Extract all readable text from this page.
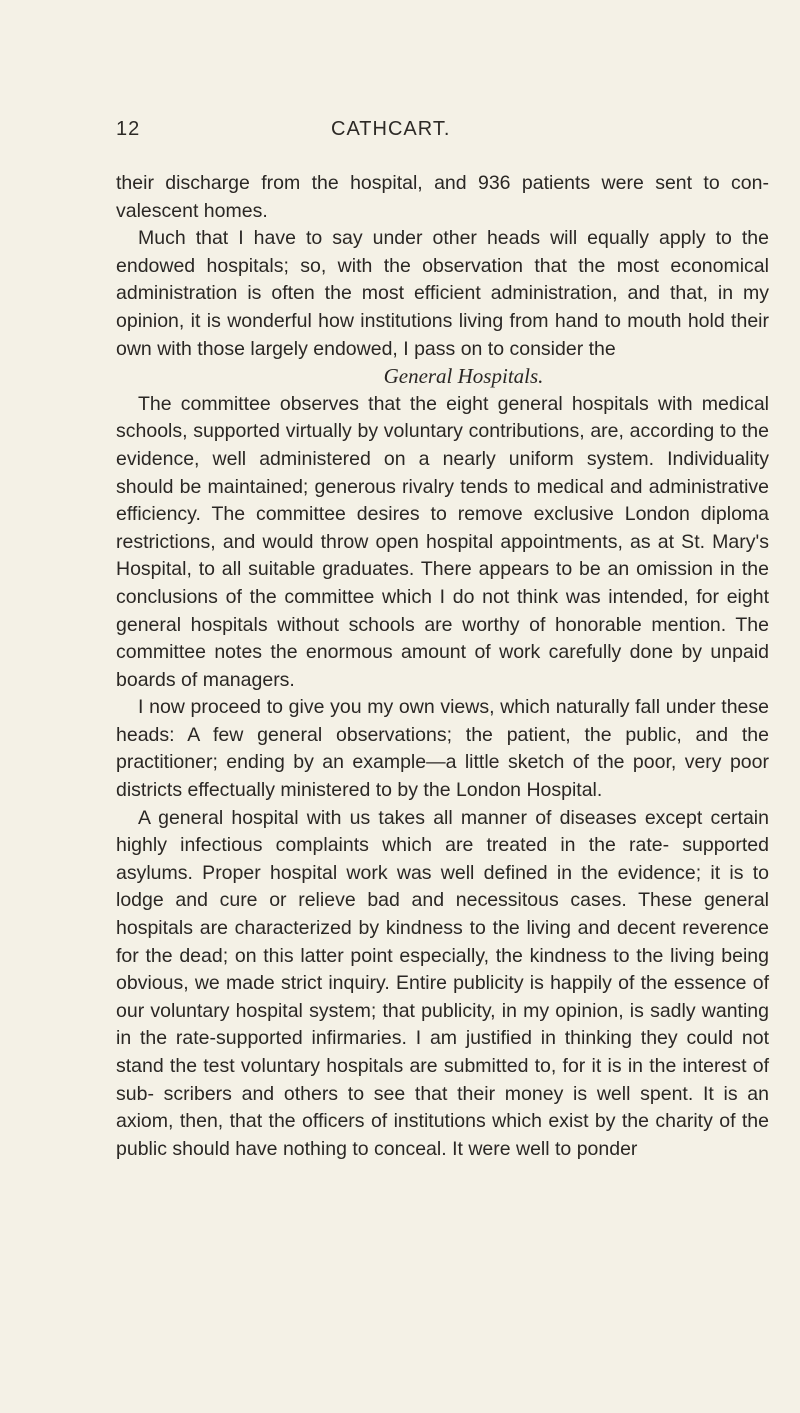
12	CATHCART.

their discharge from the hospital, and 936 patients were sent to con- valescent homes.

Much that I have to say under other heads will equally apply to the endowed hospitals; so, with the observation that the most economical administration is often the most efficient administration, and that, in my opinion, it is wonderful how institutions living from hand to mouth hold their own with those largely endowed, I pass on to consider the

General Hospitals.

The committee observes that the eight general hospitals with medical schools, supported virtually by voluntary contributions, are, according to the evidence, well administered on a nearly uniform system. Individuality should be maintained; generous rivalry tends to medical and administrative efficiency. The committee desires to remove exclusive London diploma restrictions, and would throw open hospital appointments, as at St. Mary's Hospital, to all suitable graduates. There appears to be an omission in the conclusions of the committee which I do not think was intended, for eight general hospitals without schools are worthy of honorable mention. The committee notes the enormous amount of work carefully done by unpaid boards of managers.

I now proceed to give you my own views, which naturally fall under these heads: A few general observations; the patient, the public, and the practitioner; ending by an example—a little sketch of the poor, very poor districts effectually ministered to by the London Hospital.

A general hospital with us takes all manner of diseases except certain highly infectious complaints which are treated in the rate- supported asylums. Proper hospital work was well defined in the evidence; it is to lodge and cure or relieve bad and necessitous cases. These general hospitals are characterized by kindness to the living and decent reverence for the dead; on this latter point especially, the kindness to the living being obvious, we made strict inquiry. Entire publicity is happily of the essence of our voluntary hospital system; that publicity, in my opinion, is sadly wanting in the rate-supported infirmaries. I am justified in thinking they could not stand the test voluntary hospitals are submitted to, for it is in the interest of sub- scribers and others to see that their money is well spent. It is an axiom, then, that the officers of institutions which exist by the charity of the public should have nothing to conceal. It were well to ponder
